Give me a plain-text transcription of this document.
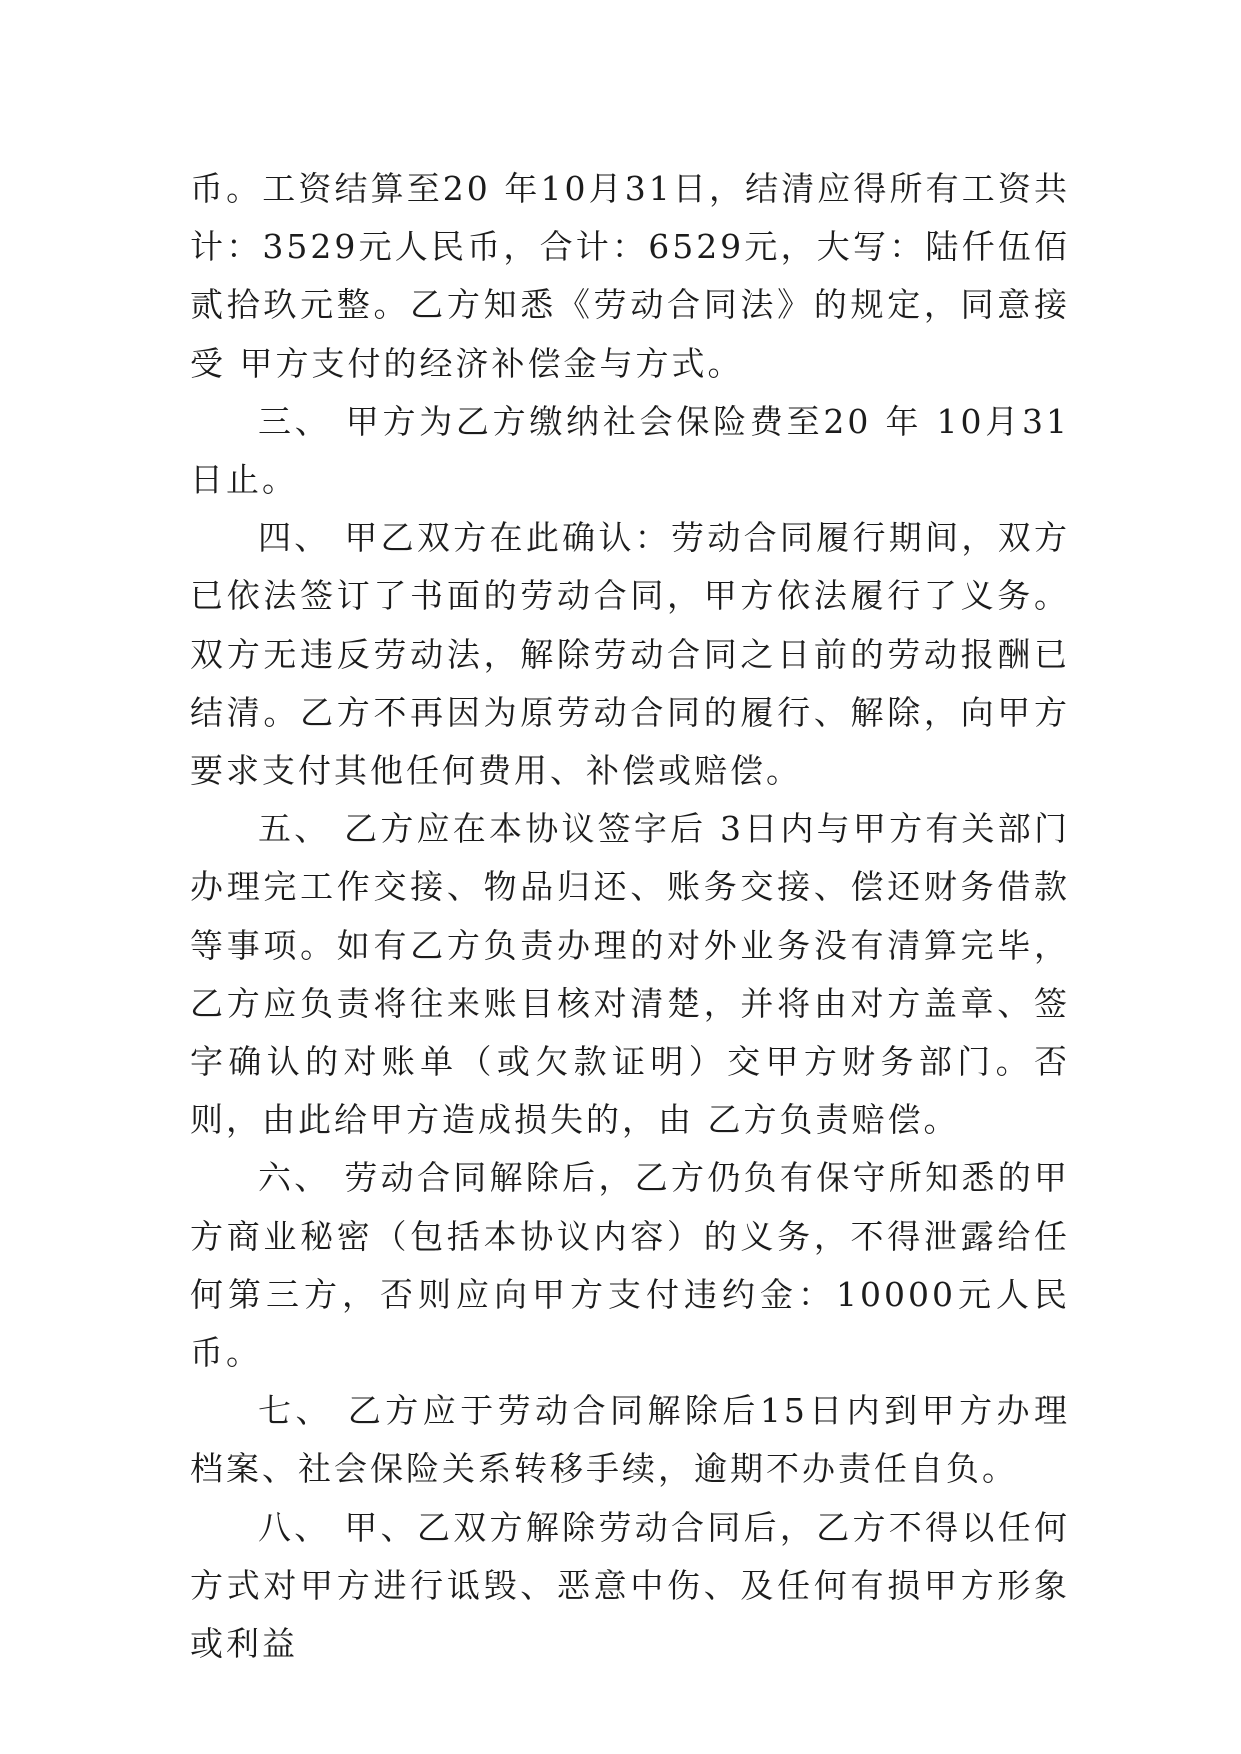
币。工资结算至20 年10月31日，结清应得所有工资共计：3529元人民币，合计：6529元，大写：陆仟伍佰贰拾玖元整。乙方知悉《劳动合同法》的规定，同意接受 甲方支付的经济补偿金与方式。

三、 甲方为乙方缴纳社会保险费至20 年 10月31日止。

四、 甲乙双方在此确认：劳动合同履行期间，双方已依法签订了书面的劳动合同，甲方依法履行了义务。双方无违反劳动法，解除劳动合同之日前的劳动报酬已结清。乙方不再因为原劳动合同的履行、解除，向甲方要求支付其他任何费用、补偿或赔偿。

五、 乙方应在本协议签字后 3日内与甲方有关部门办理完工作交接、物品归还、账务交接、偿还财务借款等事项。如有乙方负责办理的对外业务没有清算完毕，乙方应负责将往来账目核对清楚，并将由对方盖章、签字确认的对账单（或欠款证明）交甲方财务部门。否则，由此给甲方造成损失的，由 乙方负责赔偿。

六、 劳动合同解除后，乙方仍负有保守所知悉的甲方商业秘密（包括本协议内容）的义务，不得泄露给任何第三方，否则应向甲方支付违约金：10000元人民币。

七、 乙方应于劳动合同解除后15日内到甲方办理档案、社会保险关系转移手续，逾期不办责任自负。

八、 甲、乙双方解除劳动合同后，乙方不得以任何方式对甲方进行诋毁、恶意中伤、及任何有损甲方形象或利益
